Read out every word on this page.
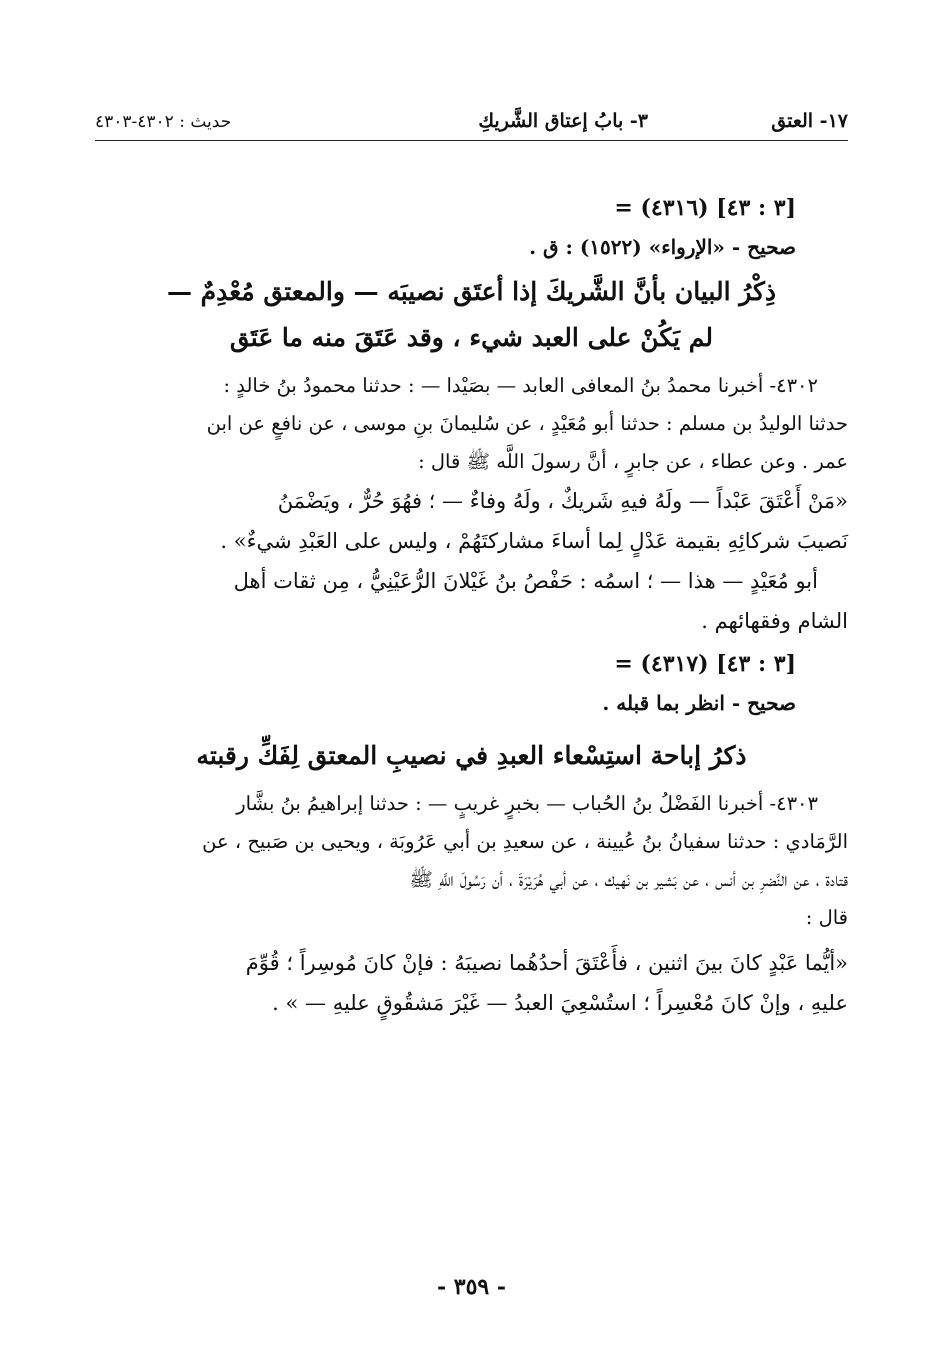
١٧- العتق
٣- بابُ إعتاق الشَّريكِ
حديث : ٤٣٠٢-٤٣٠٣

= (٤٣١٦) [٣ : ٤٣]

صحيح - «الإرواء» (١٥٢٢) : ق .

ذِكْرُ البيان بأنَّ الشَّريكَ إذا أعتَق نصيبَه — والمعتق مُعْدِمٌ —
لم يَكُنْ على العبد شيء ، وقد عَتَقَ منه ما عَتَق
٤٣٠٢- أخبرنا محمدُ بنُ المعافى العابد — بصَيْدا — : حدثنا محمودُ بنُ خالدٍ :
حدثنا الوليدُ بن مسلم : حدثنا أبو مُعَيْدٍ ، عن سُليمانَ بنِ موسى ، عن نافعٍ عن ابن
عمر . وعن عطاء ، عن جابرٍ ، أنَّ رسولَ اللَّه ﷺ قال :
«مَنْ أَعْتَقَ عَبْداً — ولَهُ فيهِ شَريكٌ ، ولَهُ وفاءٌ — ؛ فهُوَ حُرٌّ ، ويَضْمَنُ
نَصيبَ شركائِهِ بقيمة عَدْلٍ لِما أساءَ مشاركتَهُمْ ، وليس على العَبْدِ شيءٌ» .
أبو مُعَيْدٍ — هذا — ؛ اسمُه : حَفْصُ بنُ غَيْلانَ الرُّعَيْنِيُّ ، مِن ثقات أهل
الشام وفقهائهم .

= (٤٣١٧) [٣ : ٤٣]

صحيح - انظر بما قبله .

ذكرُ إباحة استِسْعاء العبدِ في نصيبِ المعتق لِفَكِّ رقبته
٤٣٠٣- أخبرنا الفَضْلُ بنُ الحُباب — بخبرٍ غريبٍ — : حدثنا إبراهيمُ بنُ بشَّار
الرَّمَادي : حدثنا سفيانُ بنُ عُيينة ، عن سعيدِ بن أبي عَرُوبَة ، ويحيى بن صَبيح ، عن
قتادة ، عن النَّضرِ بن أنس ، عن بَشير بن نَهيك ، عن أبي هُرَيْرَةَ ، أن رَسُولَ اللَّهِ ﷺ
قال :
«أيُّما عَبْدٍ كانَ بينَ اثنين ، فأَعْتَقَ أحدُهُما نصيبَهُ : فإنْ كانَ مُوسِراً ؛ قُوِّمَ
عليهِ ، وإنْ كانَ مُعْسِراً ؛ استُسْعِيَ العبدُ — غَيْرَ مَشقُوقٍ عليهِ — » .
- ٣٥٩ -
